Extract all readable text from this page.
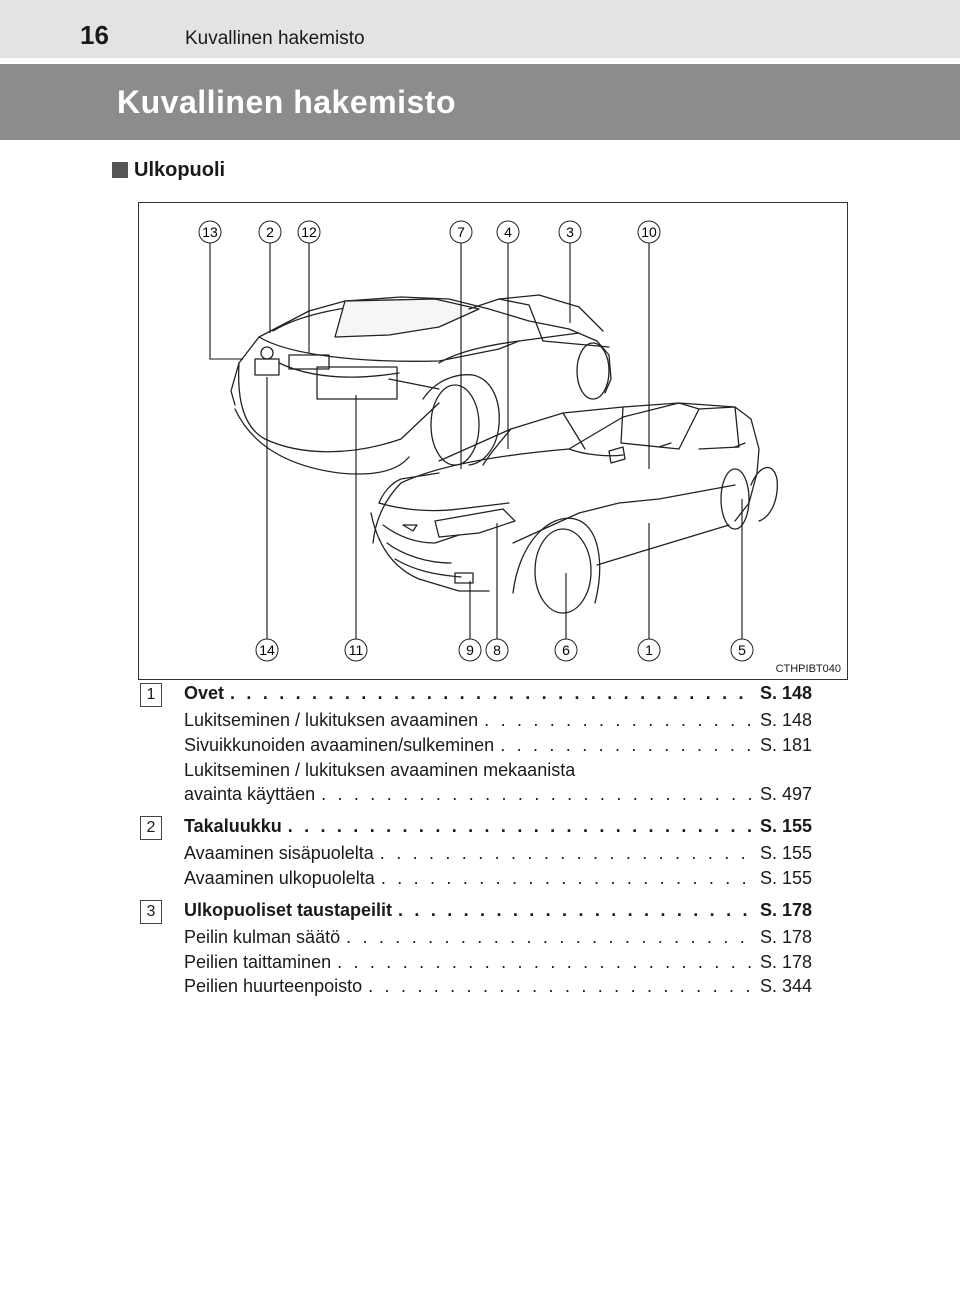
16	Kuvallinen hakemisto
Kuvallinen hakemisto
Ulkopuoli
13	2 12	7	4	3	10
14	11	9 8	6	1	5
CTHPIBT040
1	Ovet . . .	S. 148
Lukitseminen / lukituksen avaaminen . . .	S. 148
Sivuikkunoiden avaaminen/sulkeminen . . .	S. 181
Lukitseminen / lukituksen avaaminen mekaanista
avainta käyttäen . . .	S. 497
2	Takaluukku . . .	S. 155
Avaaminen sisäpuolelta . . .	S. 155
Avaaminen ulkopuolelta . . .	S. 155
3	Ulkopuoliset taustapeilit . . .	S. 178
Peilin kulman säätö . . .	S. 178
Peilien taittaminen . . .	S. 178
Peilien huurteenpoisto . . .	S. 344
